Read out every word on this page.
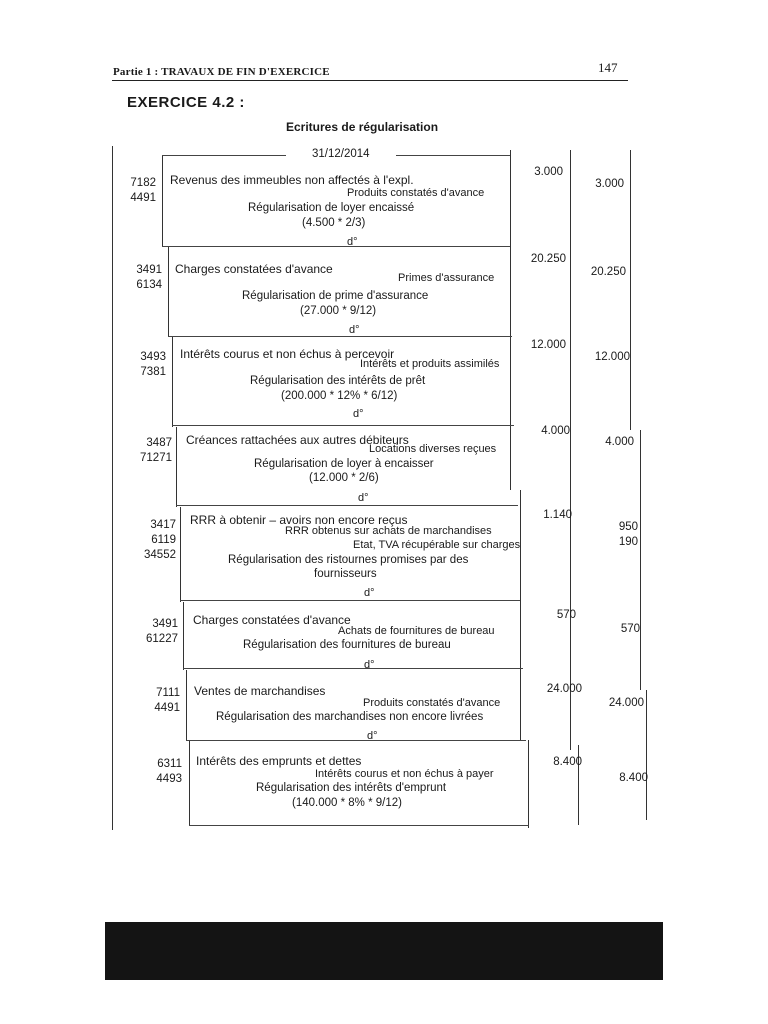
Partie 1 : TRAVAUX DE FIN D'EXERCICE	147
EXERCICE 4.2 :
Ecritures de régularisation
31/12/2014
d°
d°
d°
d°
d°
d°
d°
7182
4491
Revenus des immeubles non affectés à l'expl.
Produits constatés d'avance
Régularisation de loyer encaissé
(4.500 * 2/3)
3.000
3.000
3491
6134
Charges constatées d'avance
Primes d'assurance
Régularisation de prime d'assurance
(27.000 * 9/12)
20.250
20.250
3493
7381
Intérêts courus et non échus à percevoir
Intérêts et produits assimilés
Régularisation des intérêts de prêt
(200.000 * 12% * 6/12)
12.000
12.000
3487
71271
Créances rattachées aux autres débiteurs
Locations diverses reçues
Régularisation de loyer à encaisser
(12.000 * 2/6)
4.000
4.000
3417
6119
34552
RRR à obtenir – avoirs non encore reçus
RRR obtenus sur achats de marchandises
Etat, TVA récupérable sur charges
Régularisation des ristournes promises par des
fournisseurs
1.140
950
190
3491
61227
Charges constatées d'avance
Achats de fournitures de bureau
Régularisation des fournitures de bureau
570
570
7111
4491
Ventes de marchandises
Produits constatés d'avance
Régularisation des marchandises non encore livrées
24.000
24.000
6311
4493
Intérêts des emprunts et dettes
Intérêts courus et non échus à payer
Régularisation des intérêts d'emprunt
(140.000 * 8% * 9/12)
8.400
8.400
